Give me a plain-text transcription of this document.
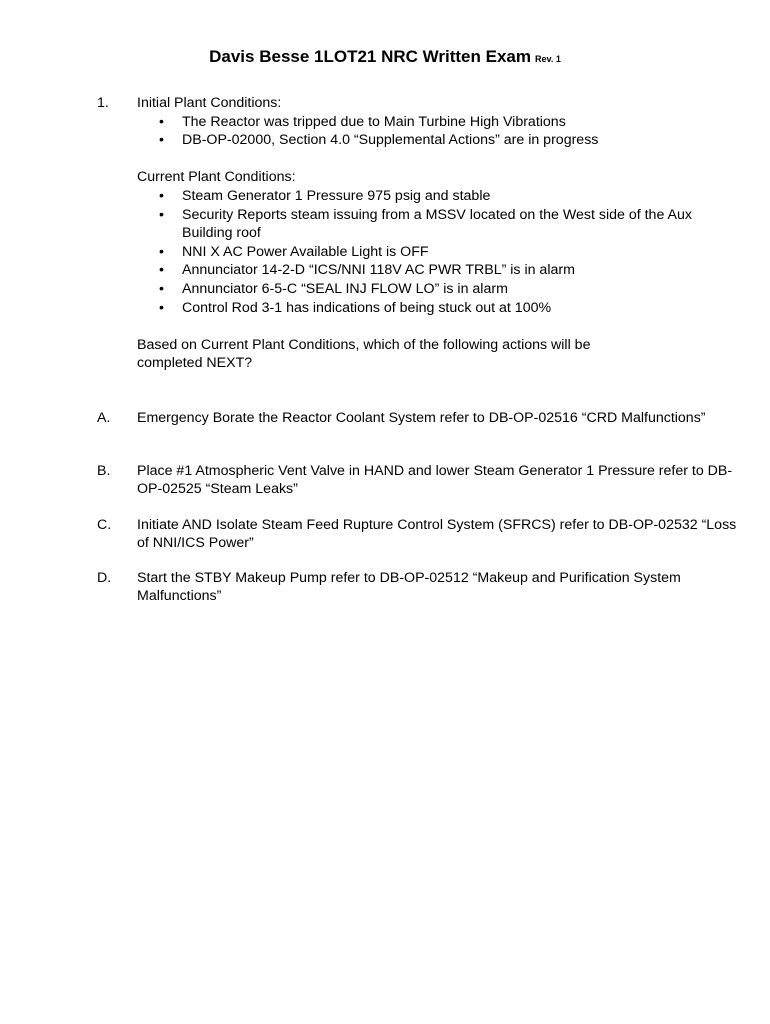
Davis Besse 1LOT21 NRC Written Exam Rev. 1
1. Initial Plant Conditions:

• The Reactor was tripped due to Main Turbine High Vibrations
• DB-OP-02000, Section 4.0 “Supplemental Actions” are in progress

Current Plant Conditions:

• Steam Generator 1 Pressure 975 psig and stable
• Security Reports steam issuing from a MSSV located on the West side of the Aux Building roof
• NNI X AC Power Available Light is OFF
• Annunciator 14-2-D “ICS/NNI 118V AC PWR TRBL” is in alarm
• Annunciator 6-5-C “SEAL INJ FLOW LO” is in alarm
• Control Rod 3-1 has indications of being stuck out at 100%

Based on Current Plant Conditions, which of the following actions will be completed NEXT?

A. Emergency Borate the Reactor Coolant System refer to DB-OP-02516 “CRD Malfunctions”
B. Place #1 Atmospheric Vent Valve in HAND and lower Steam Generator 1 Pressure refer to DB-OP-02525 “Steam Leaks”
C. Initiate AND Isolate Steam Feed Rupture Control System (SFRCS) refer to DB-OP-02532 “Loss of NNI/ICS Power”
D. Start the STBY Makeup Pump refer to DB-OP-02512 “Makeup and Purification System Malfunctions”
